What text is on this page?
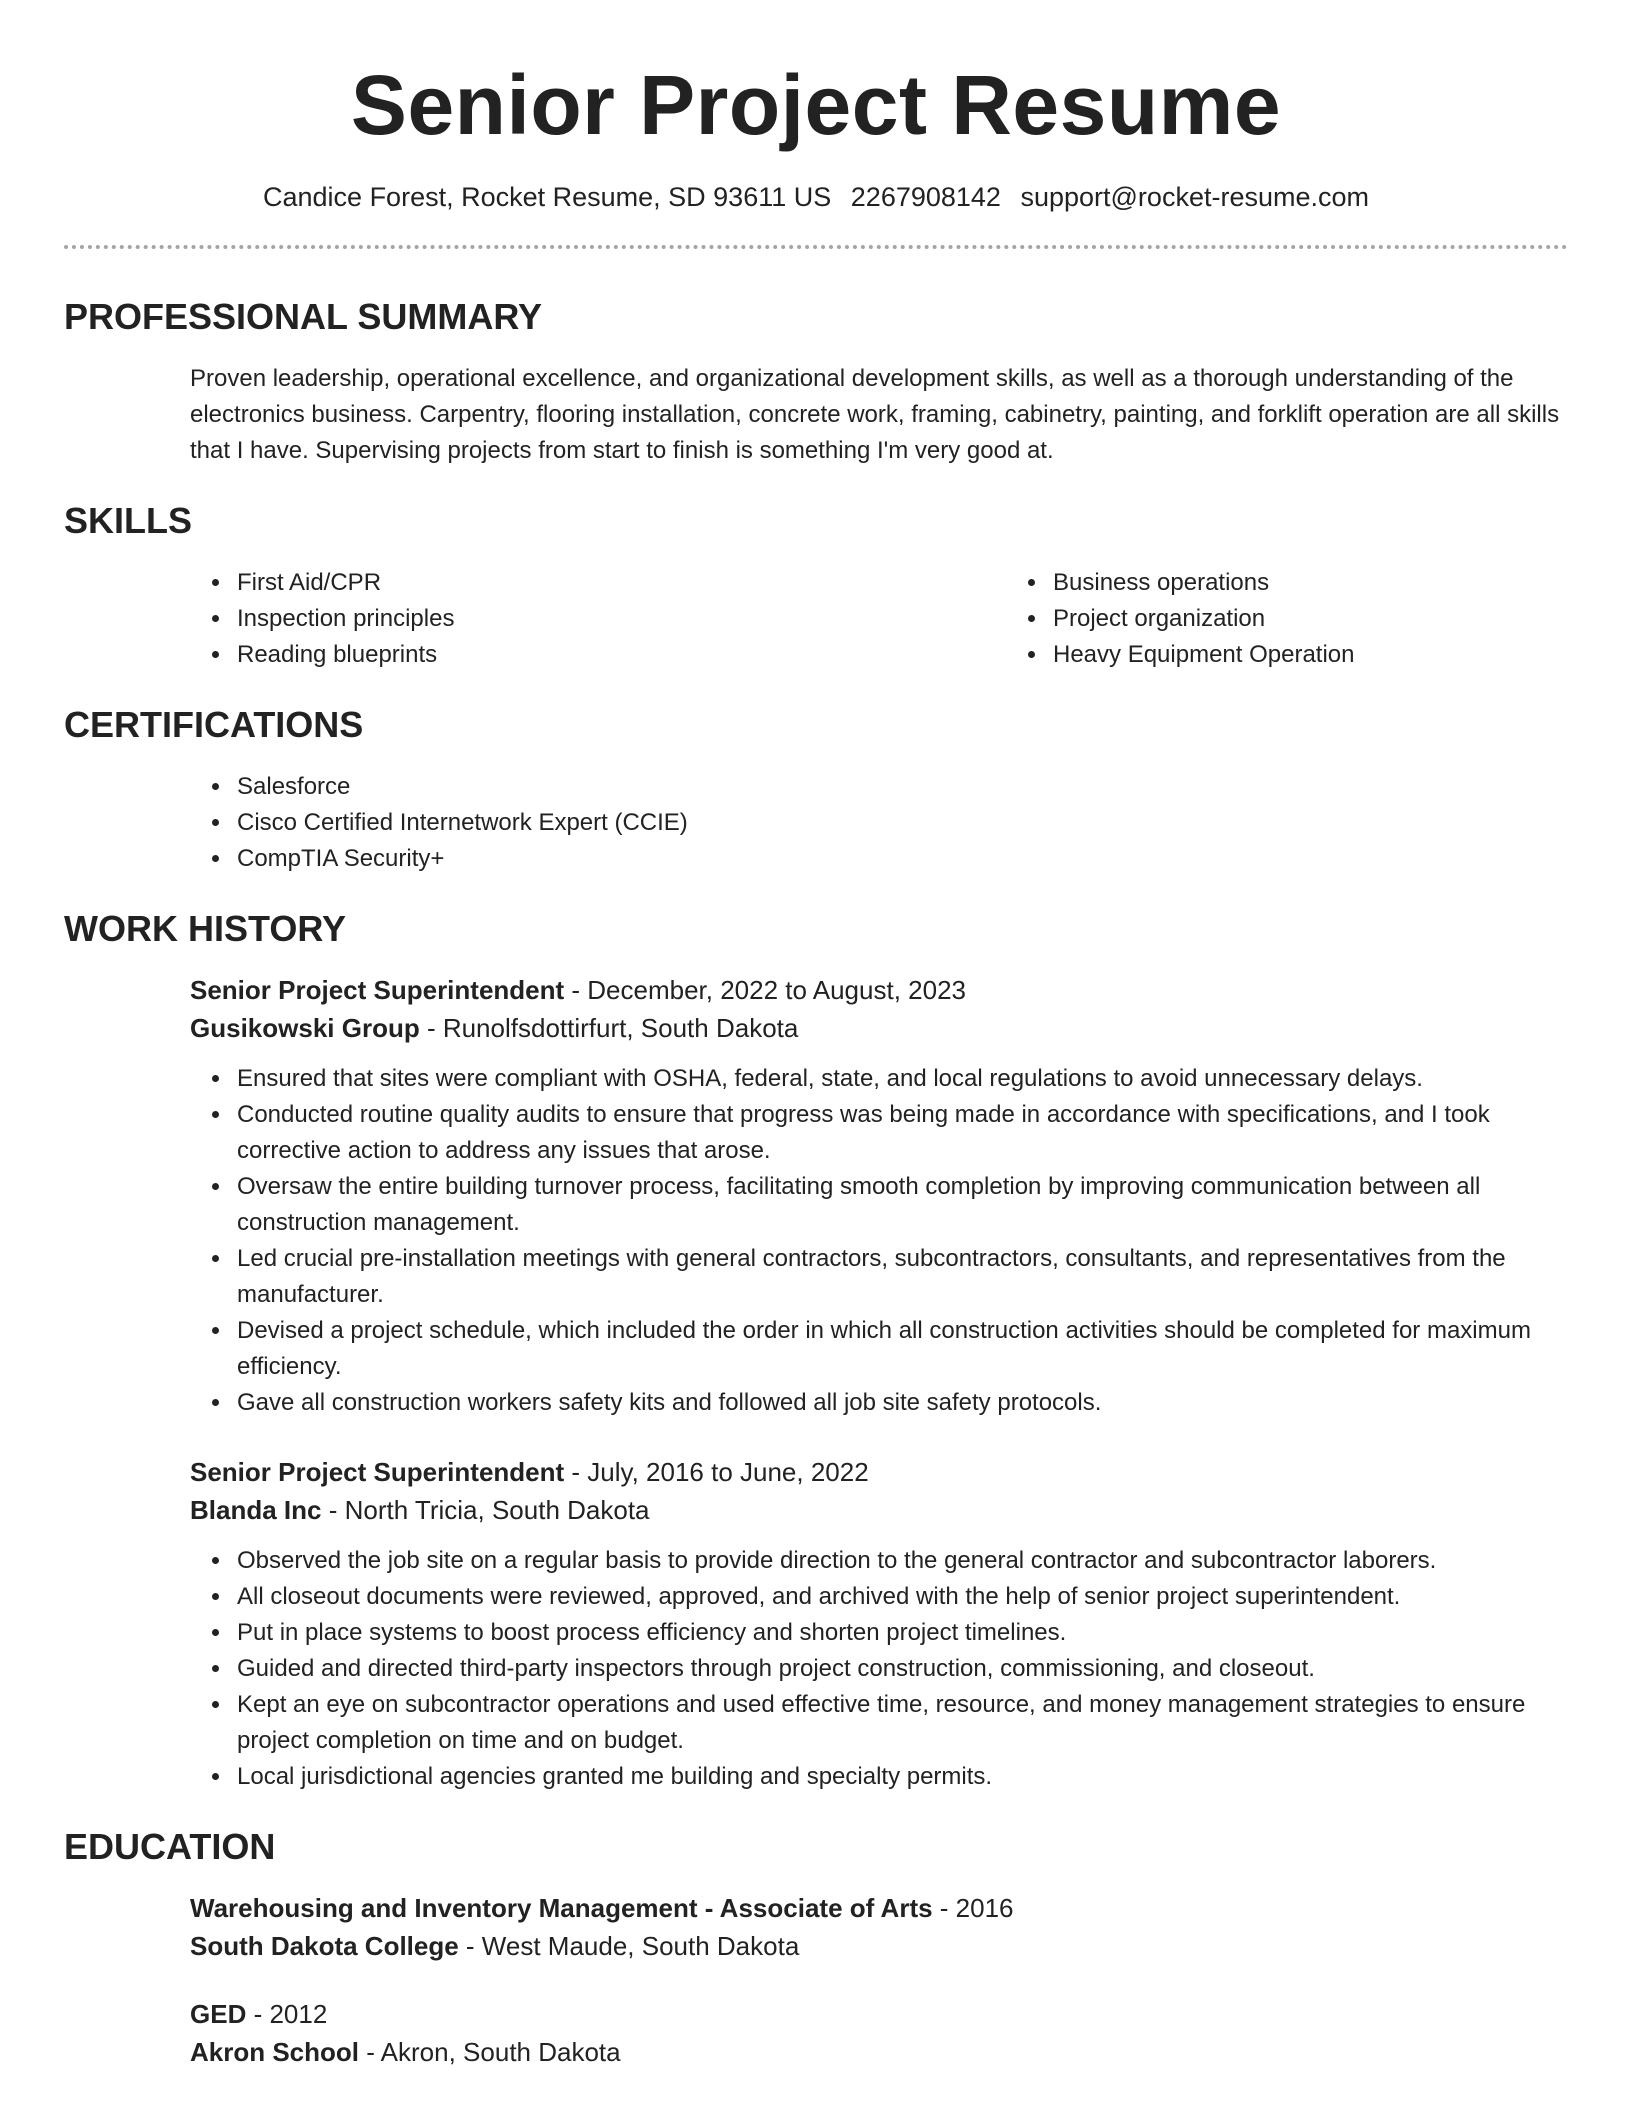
Senior Project Resume
Candice Forest, Rocket Resume, SD 93611 US 2267908142 support@rocket-resume.com
PROFESSIONAL SUMMARY
Proven leadership, operational excellence, and organizational development skills, as well as a thorough understanding of the electronics business. Carpentry, flooring installation, concrete work, framing, cabinetry, painting, and forklift operation are all skills that I have. Supervising projects from start to finish is something I'm very good at.
SKILLS
• First Aid/CPR
• Inspection principles
• Reading blueprints
• Business operations
• Project organization
• Heavy Equipment Operation
CERTIFICATIONS
• Salesforce
• Cisco Certified Internetwork Expert (CCIE)
• CompTIA Security+
WORK HISTORY
Senior Project Superintendent - December, 2022 to August, 2023
Gusikowski Group - Runolfsdottirfurt, South Dakota
• Ensured that sites were compliant with OSHA, federal, state, and local regulations to avoid unnecessary delays.
• Conducted routine quality audits to ensure that progress was being made in accordance with specifications, and I took corrective action to address any issues that arose.
• Oversaw the entire building turnover process, facilitating smooth completion by improving communication between all construction management.
• Led crucial pre-installation meetings with general contractors, subcontractors, consultants, and representatives from the manufacturer.
• Devised a project schedule, which included the order in which all construction activities should be completed for maximum efficiency.
• Gave all construction workers safety kits and followed all job site safety protocols.
Senior Project Superintendent - July, 2016 to June, 2022
Blanda Inc - North Tricia, South Dakota
• Observed the job site on a regular basis to provide direction to the general contractor and subcontractor laborers.
• All closeout documents were reviewed, approved, and archived with the help of senior project superintendent.
• Put in place systems to boost process efficiency and shorten project timelines.
• Guided and directed third-party inspectors through project construction, commissioning, and closeout.
• Kept an eye on subcontractor operations and used effective time, resource, and money management strategies to ensure project completion on time and on budget.
• Local jurisdictional agencies granted me building and specialty permits.
EDUCATION
Warehousing and Inventory Management - Associate of Arts - 2016
South Dakota College - West Maude, South Dakota
GED - 2012
Akron School - Akron, South Dakota
